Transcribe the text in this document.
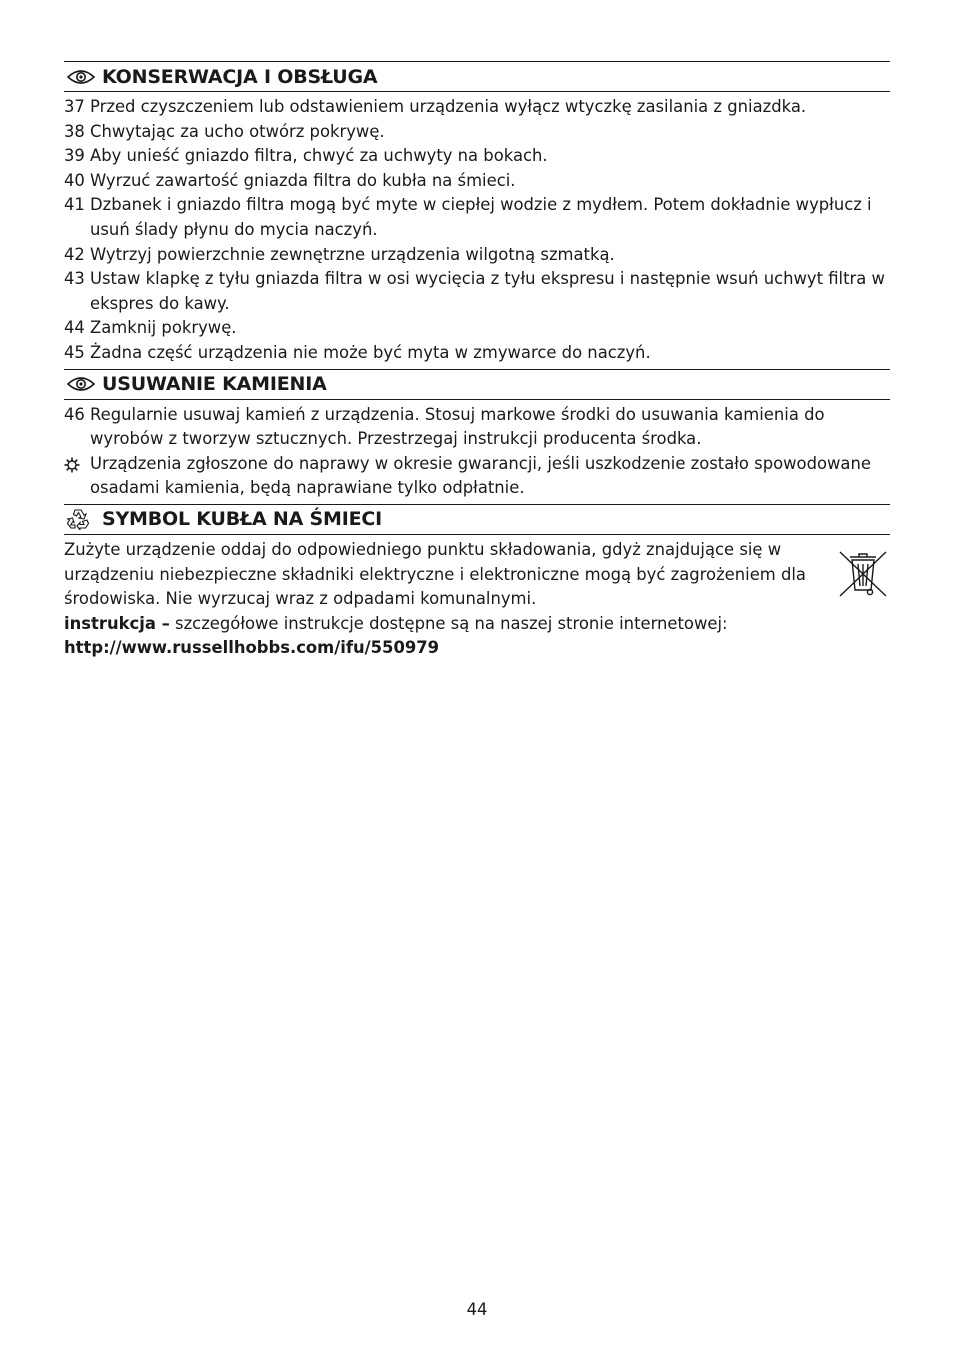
KONSERWACJA I OBSŁUGA
37 Przed czyszczeniem lub odstawieniem urządzenia wyłącz wtyczkę zasilania z gniazdka.
38 Chwytając za ucho otwórz pokrywę.
39 Aby unieść gniazdo filtra, chwyć za uchwyty na bokach.
40 Wyrzuć zawartość gniazda filtra do kubła na śmieci.
41 Dzbanek i gniazdo filtra mogą być myte w ciepłej wodzie z mydłem. Potem dokładnie wypłucz i usuń ślady płynu do mycia naczyń.
42 Wytrzyj powierzchnie zewnętrzne urządzenia wilgotną szmatką.
43 Ustaw klapkę z tyłu gniazda filtra w osi wycięcia z tyłu ekspresu i następnie wsuń uchwyt filtra w ekspres do kawy.
44 Zamknij pokrywę.
45 Żadna część urządzenia nie może być myta w zmywarce do naczyń.
USUWANIE KAMIENIA
46 Regularnie usuwaj kamień z urządzenia. Stosuj markowe środki do usuwania kamienia do wyrobów z tworzyw sztucznych. Przestrzegaj instrukcji producenta środka.
Urządzenia zgłoszone do naprawy w okresie gwarancji, jeśli uszkodzenie zostało spowodowane osadami kamienia, będą naprawiane tylko odpłatnie.
SYMBOL KUBŁA NA ŚMIECI
Zużyte urządzenie oddaj do odpowiedniego punktu składowania, gdyż znajdujące się w urządzeniu niebezpieczne składniki elektryczne i elektroniczne mogą być zagrożeniem dla środowiska. Nie wyrzucaj wraz z odpadami komunalnymi.
instrukcja – szczegółowe instrukcje dostępne są na naszej stronie internetowej:
http://www.russellhobbs.com/ifu/550979
44
